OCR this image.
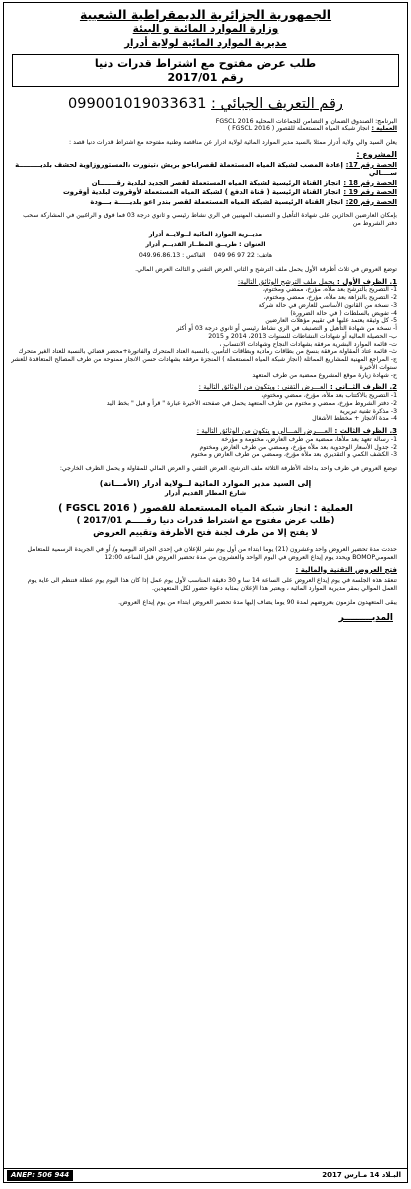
الجمهورية الجزائرية الديمقراطية الشعبية
وزارة الموارد المائية و البيئة
مديرية الموارد المائية لولاية أدرار
طلب عرض مفتوح مع اشتراط قدرات دنيا
رقم 2017/01
رقم التعريف الجبائي : 099001019033631
البرنامج: الصندوق الضمان و التضامن للجماعات المحلية FGSCL 2016
العملية : انجاز شبكة المياه المستعملة للقصور ( FGSCL 2016 )
يعلن السيد والي ولاية أدرار ممثلا بالسيد مدير الموارد المائية لولاية ادرار عن مناقصة وطنية مفتوحة مع اشتراط قدرات دنيا قصد :
المشروع :
الحصة رقم 17:إعادة المصب لشبكة المياه المستعملة لقصراباحو بريش ،تينورت ،المستوروزاوية لحشف بلديـــــــــة ســــالي
الحصة رقم 18 :انجاز القناة الرئيسية لشبكة المياه المستعملة لقصر الجديد لبلدية رقـــــــان
الحصة رقم 19 :انجاز القناة الرئيسية ( قناة الدفع ) لشبكة المياه المستعملة لأوقروت لبلدية أوقروت
الحصة رقم 20:انجاز القناة الرئيسية لشبكة المياه المستعملة لقصر بندر اعو بلديـــــة بـــودة
بإمكان العارضين الحائزين على شهادة التأهيل و التصنيف المهنيين في الري نشاط رئيسي و ثانوي درجة 03 فما فوق و الراغبين في المشاركة سحب دفتر الشروط من
مديــرية الموارد المائية لــولايــة أدرار
العنوان : طريــق المطــار القديــم أدرار
هاتف: 22 97 96 049    الفاكس : 049.96.86.13
توضع العروض في ثلاث أظرفة الأول يحمل ملف الترشح و الثاني العرض التقني و الثالث العرض المالي.
1. الظرف الأول : يحمل ملف الترشح الوثائق التالية:
1- التصريح بالترشح بعد ملأه، مؤرخ، ممضي ومختوم،
2- التصريح بالنزاهة بعد ملأه، مؤرخ، ممضي ومختوم،
3- نسخة من القانون الأساسي للعارض في حالة شركة
4- تفويض بالسلطات ( في حالة الضرورة)
5- كل وثيقة يعتمد عليها في تقييم مؤهلات العارضين
أ- نسخة من شهادة التأهيل و التصنيف في الري نشاط رئيسي أو ثانوي درجة 03 أو أكثر
ب- الحصيلة المالية أو شهادات النشاطات للسنوات 2013، 2014 و 2015
ت- قائمة الموارد البشرية مرفقة بشهادات النجاح وشهادات الانتساب ،
ث- قائمة عتاد المقاولة مرفقة بنسخ من بطاقات رمادية وبطاقات التأمين، بالنسبة العتاد المتحرك والفاتورة+محضر قضائي بالنسبة للعتاد الغير متحرك
ج- المراجع المهنية للمشاريع المماثلة (انجاز شبكة المياه المستعملة ) المنجزة مرفقة بشهادات حسن الانجاز ممنوحة من طرف المصالح المتعاقدة للعشر سنوات الأخيرة
ح- شهادة زيارة موقع المشروع ممضية من طرف المتعهد
2. الظرف الثــاني : العـــرض التقني : ويتكون من الوثائق التالية :
1- التصريح بالاكتتاب بعد ملأه، مؤرخ، ممضي ومختوم،
2- دفتر الشروط مؤرخ، ممضي و مختوم من طرف المتعهد يحمل في صفحته الأخيرة عبارة " قرأ و قبل " بخط اليد
3- مذكرة تقنية تبريرية
4- مدة الانجاز + مخطط الأشغال
3. الظرف الثالث : العــــرض المـــالي و يتكون من الوثائق التالية :
1- رسالة تعهد بعد ملأها، ممضية من طرف العارض، مختومة و مؤرخة
2- جدول الأسعار الوحدوية بعد ملأه مؤرخ، وممضي من طرف العارض ومختوم
3- الكشف الكمي و التقديري بعد ملأه مؤرخ، وممضي من طرف العارض و مختوم
توضع العروض في ظرف واحد بداخله الأظرفة الثلاثة ملف الترشح، العرض التقني و العرض المالي للمقاولة و يحمل الظرف الخارجي:
إلى السيد مدير الموارد المائية لــولاية أدرار (الأمـــانة)
شارع المطار القديم أدرار
العملية : انجاز شبكة المياه المستعملة للقصور ( FGSCL 2016 )
(طلب عرض مفتوح مع اشتراط قدرات دنيا رقـــــم 2017/01 )
لا يفتح إلا من طرف لجنة فتح الأظرفة وتقييم العروض
حددت مدة تحضير العروض واحد وعشرون (21) يوما ابتداء من أول يوم نشر للإعلان في إحدى الجرائد اليومية و/ أو في الجريدة الرسمية للمتعامل العموميBOMOP ويحدد يوم إيداع العروض في اليوم الواحد والعشرون من مدة تحضير العروض قبل الساعة 12:00
فتح العروض التقنية والمالية :
تنعقد هذه الجلسة في يوم إيداع العروض على الساعة 14 سا و 30 دقيقة المناسب لأول يوم عمل إذا كان هذا اليوم يوم عطلة فتنظم الى غاية يوم العمل الموالي بمقر مديرية الموارد المائية ، ويعتبر هذا الإعلان بمثابة دعوة حضور لكل المتعهدين.
يبقى المتعهدون ملزمون بعروضهم لمدة 90 يوما يضاف إليها مدة تحضير العروض ابتداء من يوم إيداع العروض.
المديـــــــــر
ANEP: 506 944	البـلاد 14 مـارس 2017
